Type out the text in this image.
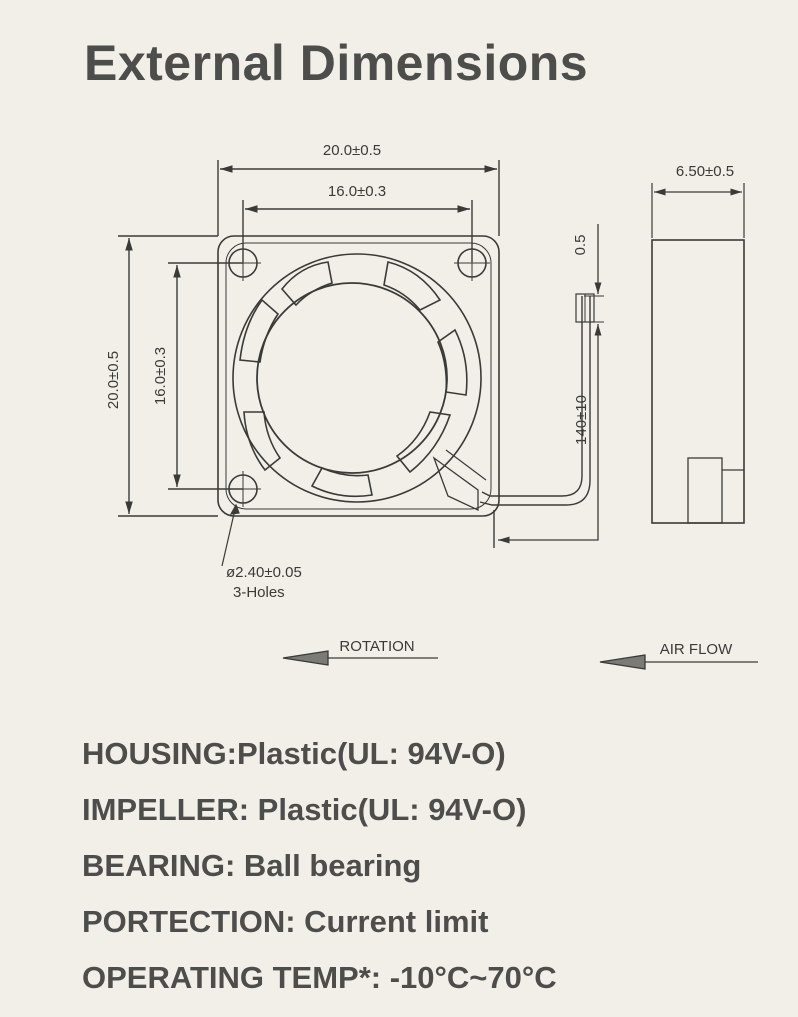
External Dimensions
20.0±0.5
16.0±0.3
20.0±0.5 16.0±0.3
0.5
140±10
6.50±0.5
ø2.40±0.05
3-Holes
ROTATION	AIR FLOW
HOUSING:Plastic(UL: 94V-O)
IMPELLER: Plastic(UL: 94V-O)
BEARING: Ball bearing
PORTECTION: Current limit
OPERATING TEMP*: -10°C~70°C
